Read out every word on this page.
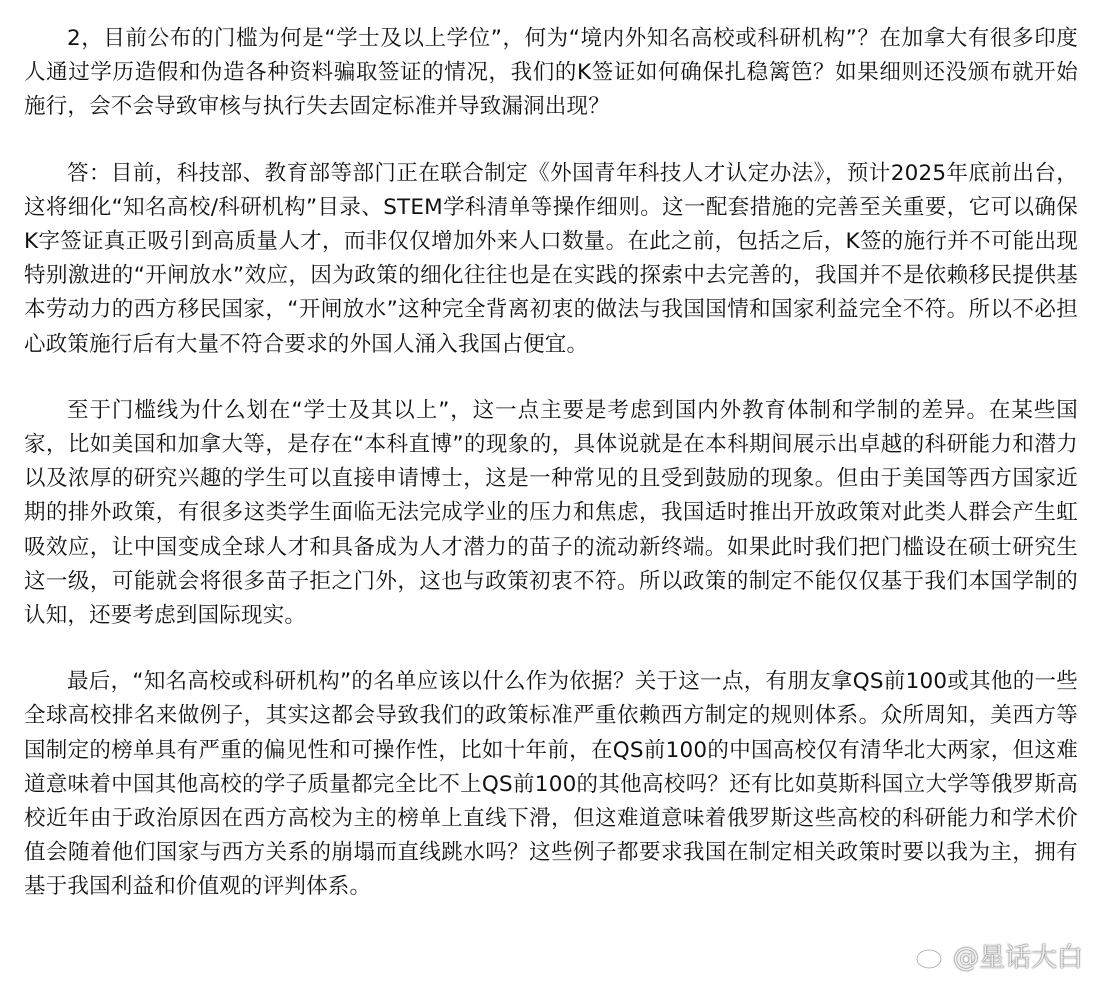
2，目前公布的门槛为何是“学士及以上学位”，何为“境内外知名高校或科研机构”？在加拿大有很多印度人通过学历造假和伪造各种资料骗取签证的情况，我们的K签证如何确保扎稳篱笆？如果细则还没颁布就开始施行，会不会导致审核与执行失去固定标准并导致漏洞出现？

答：目前，科技部、教育部等部门正在联合制定《外国青年科技人才认定办法》，预计2025年底前出台，这将细化“知名高校/科研机构”目录、STEM学科清单等操作细则。这一配套措施的完善至关重要，它可以确保K字签证真正吸引到高质量人才，而非仅仅增加外来人口数量。在此之前，包括之后，K签的施行并不可能出现特别激进的“开闸放水”效应，因为政策的细化往往也是在实践的探索中去完善的，我国并不是依赖移民提供基本劳动力的西方移民国家，“开闸放水”这种完全背离初衷的做法与我国国情和国家利益完全不符。所以不必担心政策施行后有大量不符合要求的外国人涌入我国占便宜。

至于门槛线为什么划在“学士及其以上”，这一点主要是考虑到国内外教育体制和学制的差异。在某些国家，比如美国和加拿大等，是存在“本科直博”的现象的，具体说就是在本科期间展示出卓越的科研能力和潜力以及浓厚的研究兴趣的学生可以直接申请博士，这是一种常见的且受到鼓励的现象。但由于美国等西方国家近期的排外政策，有很多这类学生面临无法完成学业的压力和焦虑，我国适时推出开放政策对此类人群会产生虹吸效应，让中国变成全球人才和具备成为人才潜力的苗子的流动新终端。如果此时我们把门槛设在硕士研究生这一级，可能就会将很多苗子拒之门外，这也与政策初衷不符。所以政策的制定不能仅仅基于我们本国学制的认知，还要考虑到国际现实。

最后，“知名高校或科研机构”的名单应该以什么作为依据？关于这一点，有朋友拿QS前100或其他的一些全球高校排名来做例子，其实这都会导致我们的政策标准严重依赖西方制定的规则体系。众所周知，美西方等国制定的榜单具有严重的偏见性和可操作性，比如十年前，在QS前100的中国高校仅有清华北大两家，但这难道意味着中国其他高校的学子质量都完全比不上QS前100的其他高校吗？还有比如莫斯科国立大学等俄罗斯高校近年由于政治原因在西方高校为主的榜单上直线下滑，但这难道意味着俄罗斯这些高校的科研能力和学术价值会随着他们国家与西方关系的崩塌而直线跳水吗？这些例子都要求我国在制定相关政策时要以我为主，拥有基于我国利益和价值观的评判体系。

@星话大白
